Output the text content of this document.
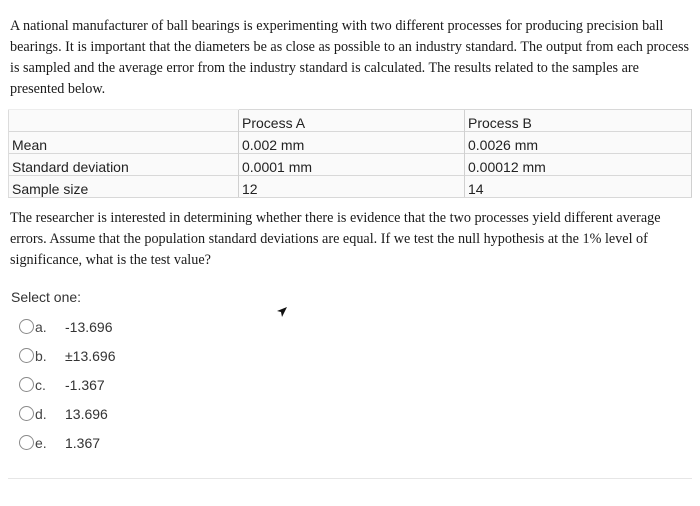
A national manufacturer of ball bearings is experimenting with two different processes for producing precision ball
bearings. It is important that the diameters be as close as possible to an industry standard. The output from each process
is sampled and the average error from the industry standard is calculated. The results related to the samples are
presented below.
	Process A	Process B
Mean	0.002 mm	0.0026 mm
Standard deviation	0.0001 mm	0.00012 mm
Sample size	12	14
The researcher is interested in determining whether there is evidence that the two processes yield different average
errors. Assume that the population standard deviations are equal. If we test the null hypothesis at the 1% level of
significance, what is the test value?
Select one:
a.	-13.696
b.	±13.696
c.	-1.367
d.	13.696
e.	1.367
